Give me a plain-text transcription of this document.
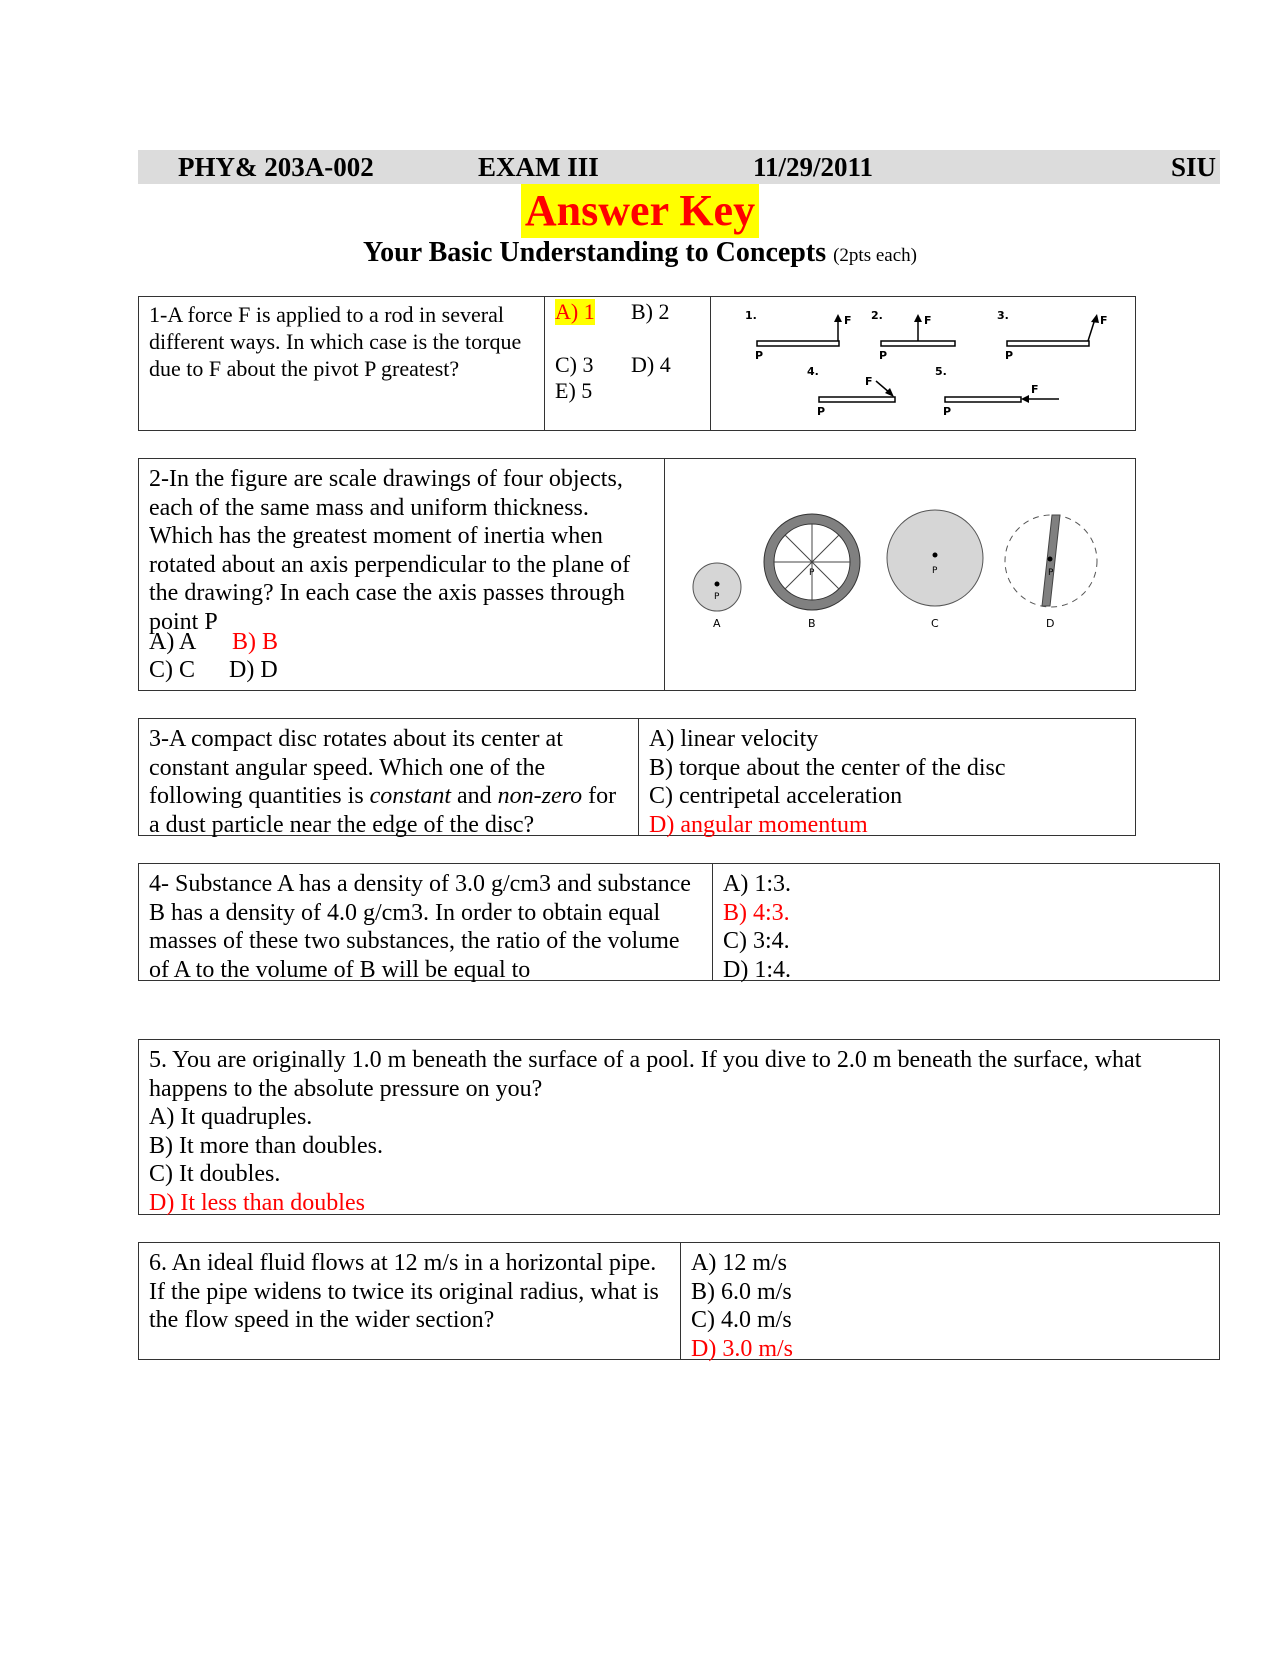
PHY& 203A-002	EXAM III	11/29/2011	SIU
Answer Key
Your Basic Understanding to Concepts (2pts each)
1-A force F is applied to a rod in several different ways. In which case is the torque due to F about the pivot P greatest?
A) 1 B) 2
C) 3 D) 4
E) 5
1.	F
P
2.	F
P
3.	F
P
4.
F
P
5.
F
P
2-In the figure are scale drawings of four objects, each of the same mass and uniform thickness. Which has the greatest moment of inertia when rotated about an axis perpendicular to the plane of the drawing? In each case the axis passes through point P
A) A B) B
C) C D) D
P
A
P
B
P
C
P
D
3-A compact disc rotates about its center at constant angular speed. Which one of the following quantities is constant and non-zero for a dust particle near the edge of the disc?
A) linear velocity
B) torque about the center of the disc
C) centripetal acceleration
D) angular momentum
4- Substance A has a density of 3.0 g/cm3 and substance B has a density of 4.0 g/cm3. In order to obtain equal masses of these two substances, the ratio of the volume of A to the volume of B will be equal to
A) 1:3.
B) 4:3.
C) 3:4.
D) 1:4.
5. You are originally 1.0 m beneath the surface of a pool. If you dive to 2.0 m beneath the surface, what happens to the absolute pressure on you?
A) It quadruples.
B) It more than doubles.
C) It doubles.
D) It less than doubles
6. An ideal fluid flows at 12 m/s in a horizontal pipe. If the pipe widens to twice its original radius, what is the flow speed in the wider section?
A) 12 m/s
B) 6.0 m/s
C) 4.0 m/s
D) 3.0 m/s
